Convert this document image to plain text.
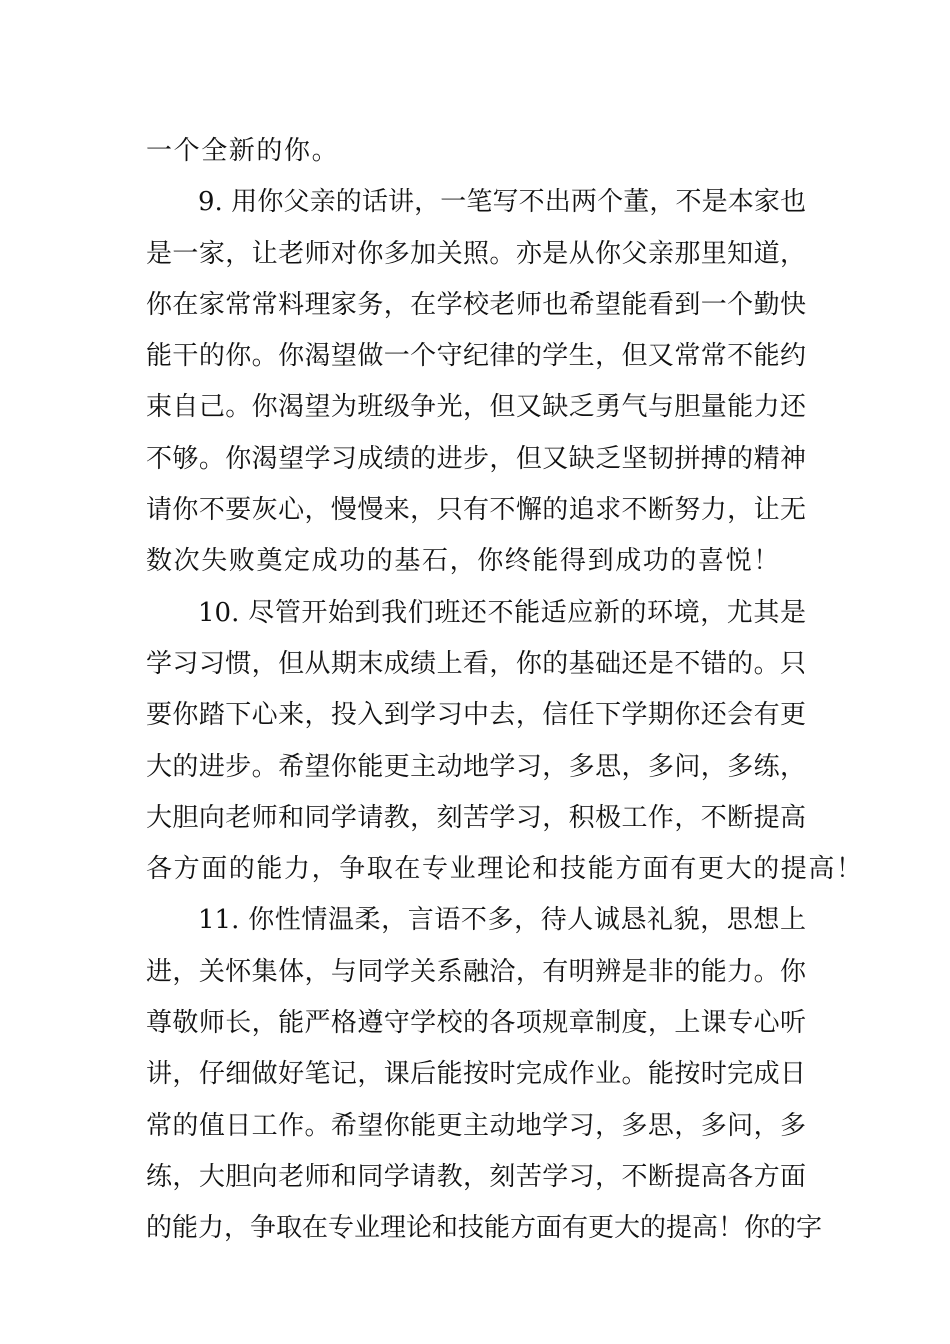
一个全新的你。
9. 用你父亲的话讲，一笔写不出两个董，不是本家也
是一家，让老师对你多加关照。亦是从你父亲那里知道，
你在家常常料理家务，在学校老师也希望能看到一个勤快
能干的你。你渴望做一个守纪律的学生，但又常常不能约
束自己。你渴望为班级争光，但又缺乏勇气与胆量能力还
不够。你渴望学习成绩的进步，但又缺乏坚韧拼搏的精神
请你不要灰心，慢慢来，只有不懈的追求不断努力，让无
数次失败奠定成功的基石，你终能得到成功的喜悦！
10. 尽管开始到我们班还不能适应新的环境，尤其是
学习习惯，但从期末成绩上看，你的基础还是不错的。只
要你踏下心来，投入到学习中去，信任下学期你还会有更
大的进步。希望你能更主动地学习，多思，多问，多练，
大胆向老师和同学请教，刻苦学习，积极工作，不断提高
各方面的能力，争取在专业理论和技能方面有更大的提高！
11. 你性情温柔，言语不多，待人诚恳礼貌，思想上
进，关怀集体，与同学关系融洽，有明辨是非的能力。你
尊敬师长，能严格遵守学校的各项规章制度，上课专心听
讲，仔细做好笔记，课后能按时完成作业。能按时完成日
常的值日工作。希望你能更主动地学习，多思，多问，多
练，大胆向老师和同学请教，刻苦学习，不断提高各方面
的能力，争取在专业理论和技能方面有更大的提高！你的字
